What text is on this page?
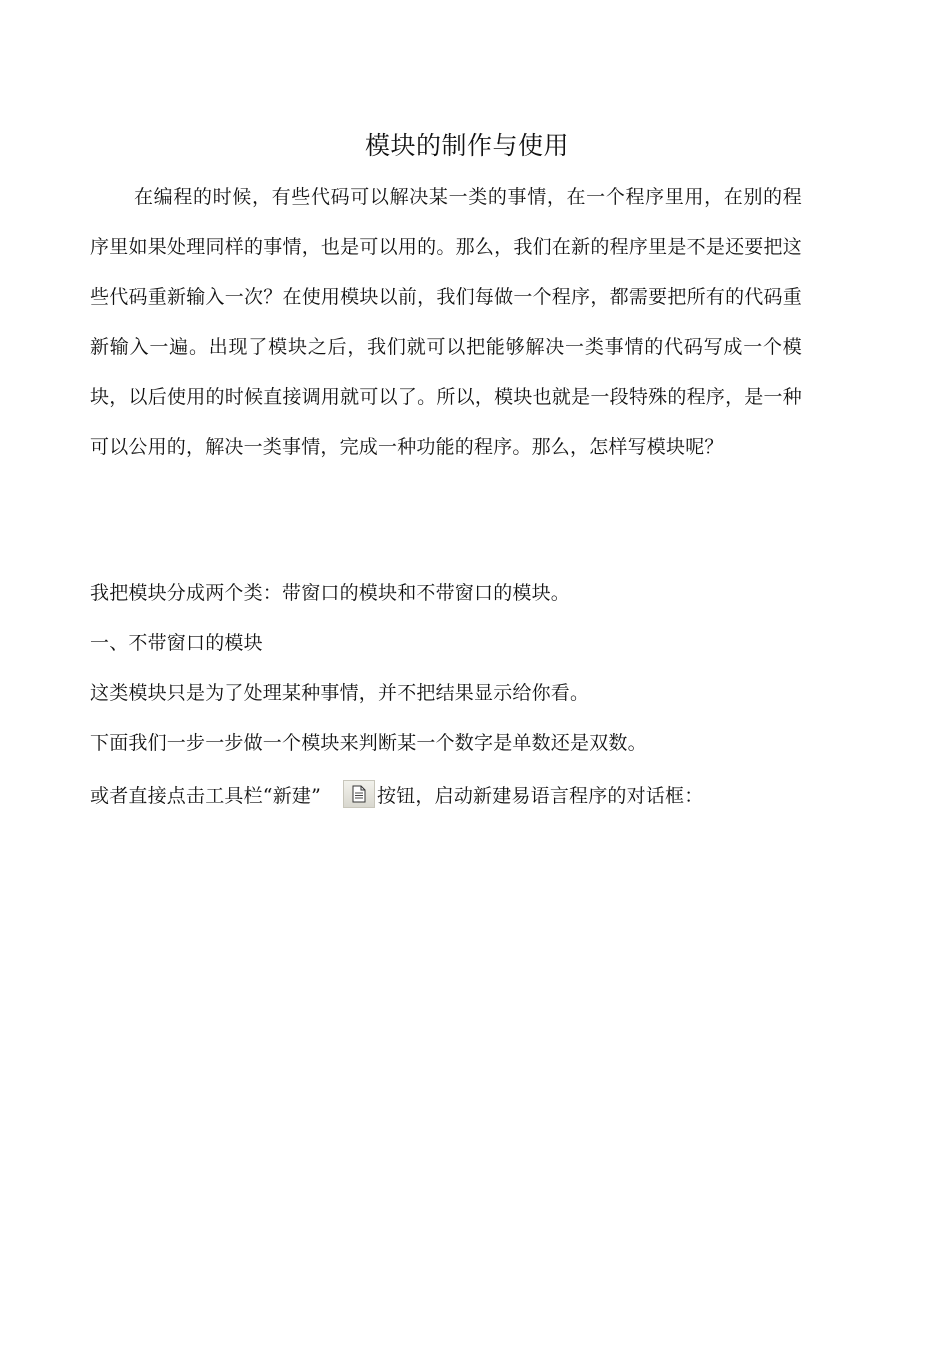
模块的制作与使用
在编程的时候，有些代码可以解决某一类的事情，在一个程序里用，在别的程序里如果处理同样的事情，也是可以用的。那么，我们在新的程序里是不是还要把这些代码重新输入一次？在使用模块以前，我们每做一个程序，都需要把所有的代码重新输入一遍。出现了模块之后，我们就可以把能够解决一类事情的代码写成一个模块，以后使用的时候直接调用就可以了。所以，模块也就是一段特殊的程序，是一种可以公用的，解决一类事情，完成一种功能的程序。那么，怎样写模块呢？
我把模块分成两个类：带窗口的模块和不带窗口的模块。
一、不带窗口的模块
这类模块只是为了处理某种事情，并不把结果显示给你看。
下面我们一步一步做一个模块来判断某一个数字是单数还是双数。
或者直接点击工具栏“新建”	按钮，启动新建易语言程序的对话框：
